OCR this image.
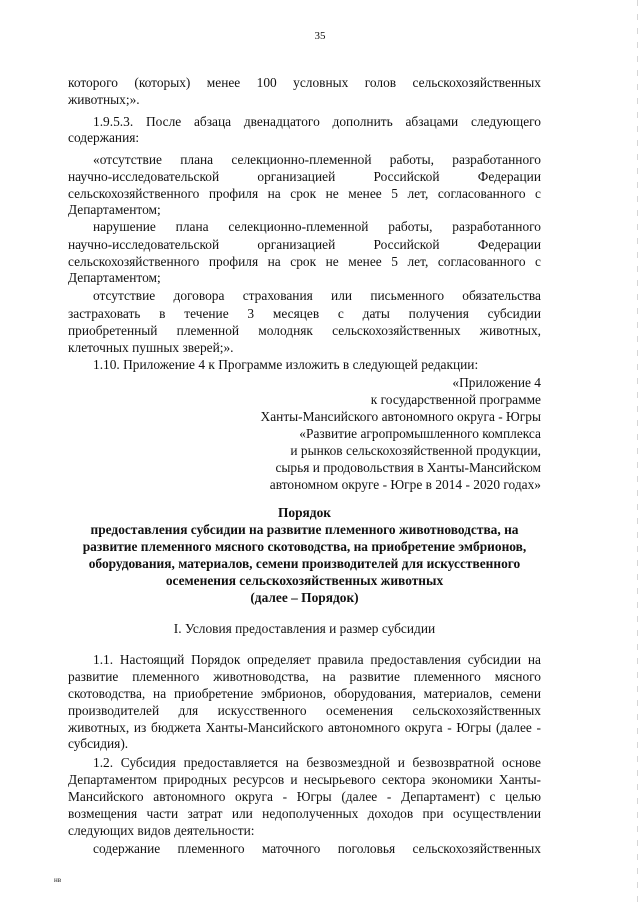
35
которого (которых) менее 100 условных голов сельскохозяйственных
животных;».
1.9.5.3. После абзаца двенадцатого дополнить абзацами следующего
содержания:
«отсутствие плана селекционно-племенной работы, разработанного
научно-исследовательской организацией Российской Федерации
сельскохозяйственного профиля на срок не менее 5 лет, согласованного с
Департаментом;
нарушение плана селекционно-племенной работы, разработанного
научно-исследовательской организацией Российской Федерации
сельскохозяйственного профиля на срок не менее 5 лет, согласованного с
Департаментом;
отсутствие договора страхования или письменного обязательства
застраховать в течение 3 месяцев с даты получения субсидии
приобретенный племенной молодняк сельскохозяйственных животных,
клеточных пушных зверей;».
1.10. Приложение 4 к Программе изложить в следующей редакции:
«Приложение 4
к государственной программе
Ханты-Мансийского автономного округа - Югры
«Развитие агропромышленного комплекса
и рынков сельскохозяйственной продукции,
сырья и продовольствия в Ханты-Мансийском
автономном округе - Югре в 2014 - 2020 годах»
Порядок
предоставления субсидии на развитие племенного животноводства, на
развитие племенного мясного скотоводства, на приобретение эмбрионов,
оборудования, материалов, семени производителей для искусственного
осеменения сельскохозяйственных животных
(далее – Порядок)
I. Условия предоставления и размер субсидии
1.1. Настоящий Порядок определяет правила предоставления субсидии на
развитие племенного животноводства, на развитие племенного мясного
скотоводства, на приобретение эмбрионов, оборудования, материалов, семени
производителей для искусственного осеменения сельскохозяйственных
животных, из бюджета Ханты-Мансийского автономного округа - Югры (далее -
субсидия).
1.2. Субсидия предоставляется на безвозмездной и безвозвратной основе
Департаментом природных ресурсов и несырьевого сектора экономики Ханты-
Мансийского автономного округа - Югры (далее - Департамент) с целью
возмещения части затрат или недополученных доходов при осуществлении
следующих видов деятельности:
содержание племенного маточного поголовья сельскохозяйственных
нв
